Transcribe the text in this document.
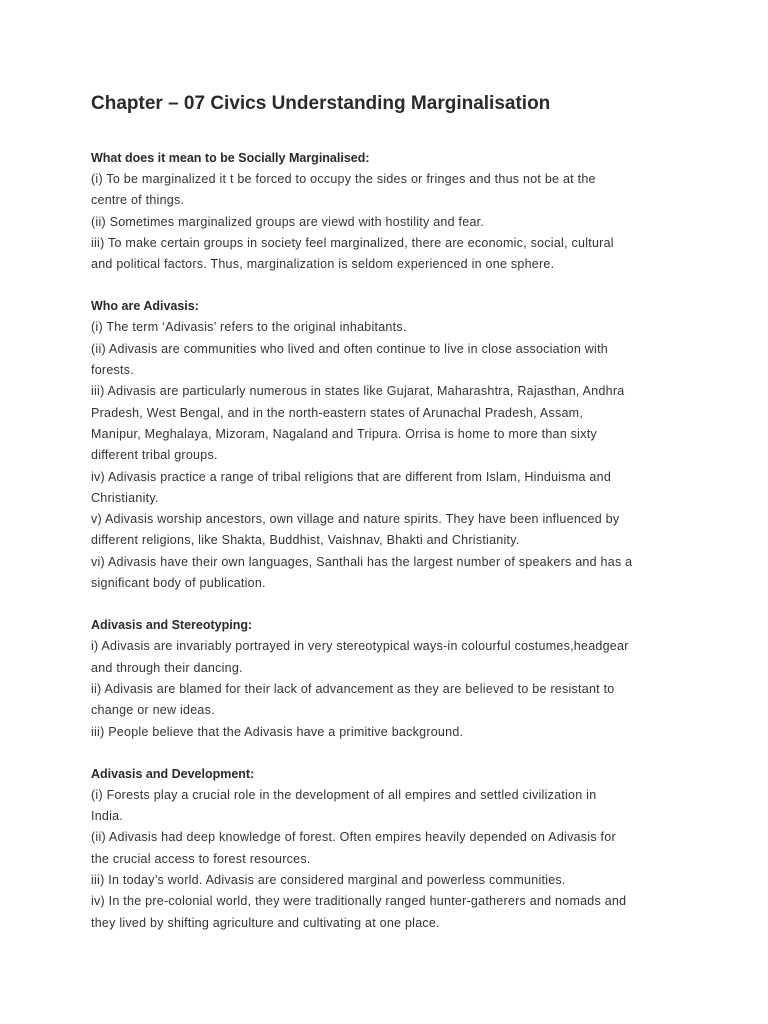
Chapter – 07 Civics Understanding Marginalisation
What does it mean to be Socially Marginalised:
(i) To be marginalized it t be forced to occupy the sides or fringes and thus not be at the
centre of things.
(ii) Sometimes marginalized groups are viewd with hostility and fear.
iii) To make certain groups in society feel marginalized, there are economic, social, cultural
and political factors. Thus, marginalization is seldom experienced in one sphere.
Who are Adivasis:
(i) The term ‘Adivasis’ refers to the original inhabitants.
(ii) Adivasis are communities who lived and often continue to live in close association with
forests.
iii) Adivasis are particularly numerous in states like Gujarat, Maharashtra, Rajasthan, Andhra
Pradesh, West Bengal, and in the north-eastern states of Arunachal Pradesh, Assam,
Manipur, Meghalaya, Mizoram, Nagaland and Tripura. Orrisa is home to more than sixty
different tribal groups.
iv) Adivasis practice a range of tribal religions that are different from Islam, Hinduisma and
Christianity.
v) Adivasis worship ancestors, own village and nature spirits. They have been influenced by
different religions, like Shakta, Buddhist, Vaishnav, Bhakti and Christianity.
vi) Adivasis have their own languages, Santhali has the largest number of speakers and has a
significant body of publication.
Adivasis and Stereotyping:
i) Adivasis are invariably portrayed in very stereotypical ways-in colourful costumes,headgear
and through their dancing.
ii) Adivasis are blamed for their lack of advancement as they are believed to be resistant to
change or new ideas.
iii) People believe that the Adivasis have a primitive background.
Adivasis and Development:
(i) Forests play a crucial role in the development of all empires and settled civilization in
India.
(ii) Adivasis had deep knowledge of forest. Often empires heavily depended on Adivasis for
the crucial access to forest resources.
iii) In today’s world. Adivasis are considered marginal and powerless communities.
iv) In the pre-colonial world, they were traditionally ranged hunter-gatherers and nomads and
they lived by shifting agriculture and cultivating at one place.
